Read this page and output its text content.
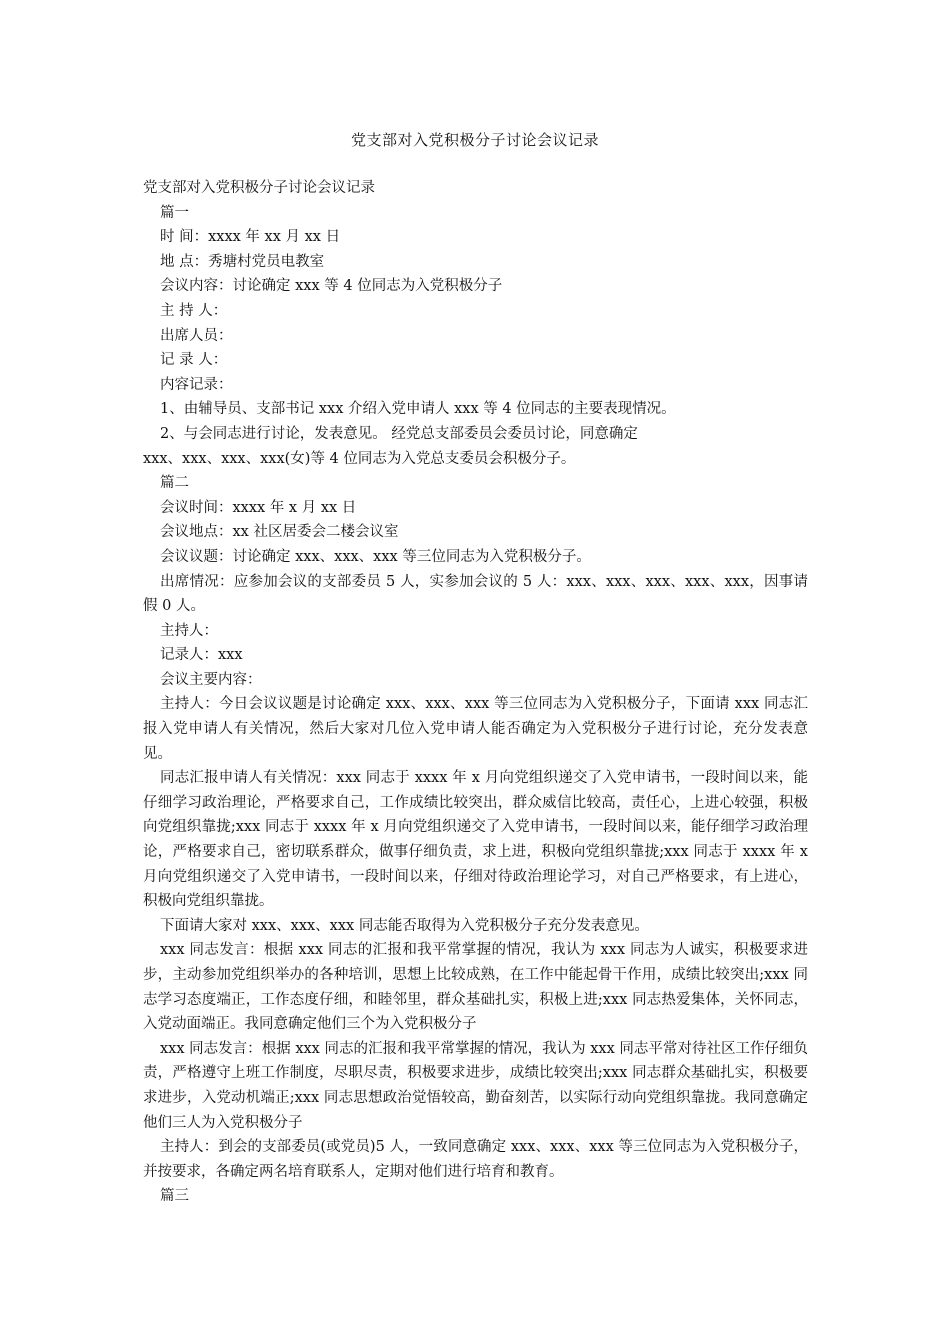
党支部对入党积极分子讨论会议记录

党支部对入党积极分子讨论会议记录

篇一

时 间：xxxx 年 xx 月 xx 日

地 点：秀塘村党员电教室

会议内容：讨论确定 xxx 等 4 位同志为入党积极分子

主 持 人：

出席人员：

记 录 人：

内容记录：

1、由辅导员、支部书记 xxx 介绍入党申请人 xxx 等 4 位同志的主要表现情况。

2、与会同志进行讨论，发表意见。 经党总支部委员会委员讨论，同意确定

xxx、xxx、xxx、xxx(女)等 4 位同志为入党总支委员会积极分子。

篇二

会议时间：xxxx 年 x 月 xx 日

会议地点：xx 社区居委会二楼会议室

会议议题：讨论确定 xxx、xxx、xxx 等三位同志为入党积极分子。

出席情况：应参加会议的支部委员 5 人，实参加会议的 5 人：xxx、xxx、xxx、xxx、xxx，因事请假 0 人。

主持人：

记录人：xxx

会议主要内容：

主持人：今日会议议题是讨论确定 xxx、xxx、xxx 等三位同志为入党积极分子，下面请 xxx 同志汇报入党申请人有关情况，然后大家对几位入党申请人能否确定为入党积极分子进行讨论，充分发表意见。

同志汇报申请人有关情况：xxx 同志于 xxxx 年 x 月向党组织递交了入党申请书，一段时间以来，能仔细学习政治理论，严格要求自己，工作成绩比较突出，群众威信比较高，责任心，上进心较强，积极向党组织靠拢;xxx 同志于 xxxx 年 x 月向党组织递交了入党申请书，一段时间以来，能仔细学习政治理论，严格要求自己，密切联系群众，做事仔细负责，求上进，积极向党组织靠拢;xxx 同志于 xxxx 年 x 月向党组织递交了入党申请书，一段时间以来，仔细对待政治理论学习，对自己严格要求，有上进心，积极向党组织靠拢。

下面请大家对 xxx、xxx、xxx 同志能否取得为入党积极分子充分发表意见。

xxx 同志发言：根据 xxx 同志的汇报和我平常掌握的情况，我认为 xxx 同志为人诚实，积极要求进步，主动参加党组织举办的各种培训，思想上比较成熟，在工作中能起骨干作用，成绩比较突出;xxx 同志学习态度端正，工作态度仔细，和睦邻里，群众基础扎实，积极上进;xxx 同志热爱集体，关怀同志，入党动面端正。我同意确定他们三个为入党积极分子

xxx 同志发言：根据 xxx 同志的汇报和我平常掌握的情况，我认为 xxx 同志平常对待社区工作仔细负责，严格遵守上班工作制度，尽职尽责，积极要求进步，成绩比较突出;xxx 同志群众基础扎实，积极要求进步，入党动机端正;xxx 同志思想政治觉悟较高，勤奋刻苦，以实际行动向党组织靠拢。我同意确定他们三人为入党积极分子

主持人：到会的支部委员(或党员)5 人，一致同意确定 xxx、xxx、xxx 等三位同志为入党积极分子，并按要求，各确定两名培育联系人，定期对他们进行培育和教育。

篇三
